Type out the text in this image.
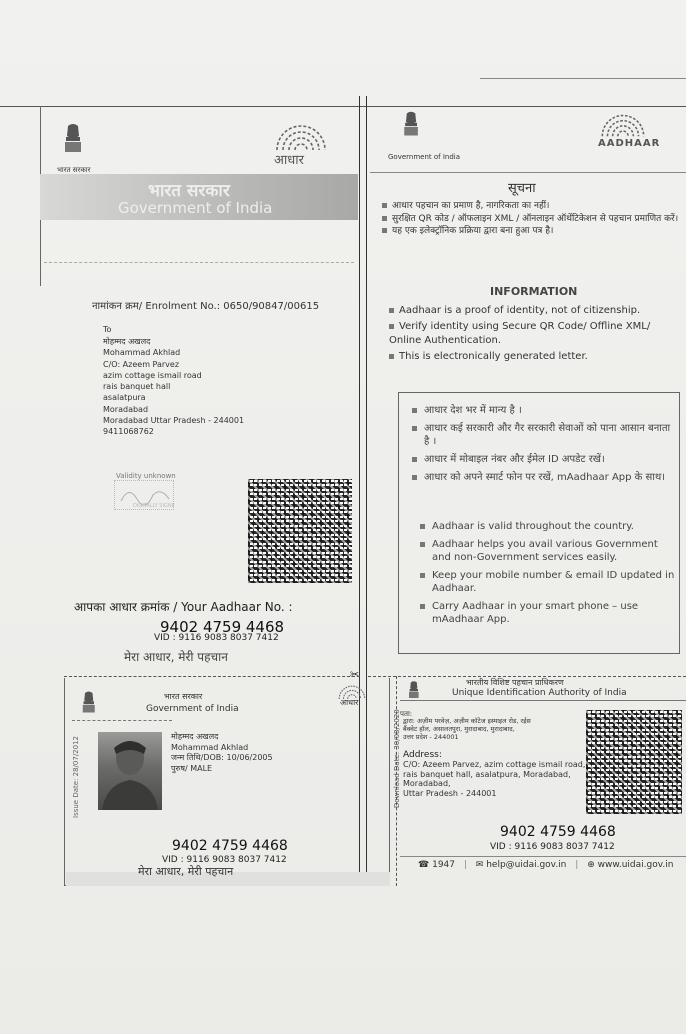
भारत सरकार
आधार
भारत सरकार
Government of India
नामांकन क्रम/ Enrolment No.: 0650/90847/00615
To
मोहम्मद अखलद
Mohammad Akhlad
C/O: Azeem Parvez
azim cottage ismail road
rais banquet hall
asalatpura
Moradabad
Moradabad Uttar Pradesh - 244001
9411068762
Validity unknown
DIGITALLY SIGNED
आपका आधार क्रमांक / Your Aadhaar No. :
9402 4759 4468
VID : 9116 9083 8037 7412
मेरा आधार, मेरी पहचान
✂
भारत सरकार
Government of India
आधार
Issue Date: 28/07/2012	मोहम्मद अखलद
Mohammad Akhlad
जन्म तिथि/DOB: 10/06/2005
पुरुष/ MALE
9402 4759 4468
VID : 9116 9083 8037 7412
मेरा आधार, मेरी पहचान
Government of India
AADHAAR
सूचना
आधार पहचान का प्रमाण है, नागरिकता का नहीं।
सुरक्षित QR कोड / ऑफलाइन XML / ऑनलाइन ऑथेंटिकेशन से पहचान प्रमाणित करें।
यह एक इलेक्ट्रॉनिक प्रक्रिया द्वारा बना हुआ पत्र है।
INFORMATION
Aadhaar is a proof of identity, not of citizenship.
Verify identity using Secure QR Code/ Offline XML/ Online Authentication.
This is electronically generated letter.
आधार देश भर में मान्य है ।
आधार कई सरकारी और गैर सरकारी सेवाओं को पाना आसान बनाता है ।
आधार में मोबाइल नंबर और ईमेल ID अपडेट रखें।
आधार को अपने स्मार्ट फोन पर रखें, mAadhaar App के साथ।
Aadhaar is valid throughout the country.
Aadhaar helps you avail various Government and non-Government services easily.
Keep your mobile number & email ID updated in Aadhaar.
Carry Aadhaar in your smart phone – use mAadhaar App.
भारतीय विशिष्ट पहचान प्राधिकरण
Unique Identification Authority of India
पता:
द्वारा: अज़ीम परवेज़, अज़ीम कॉटेज इस्माइल रोड, रईस
बैंक्वेट हॉल, असालतपुरा, मुरादाबाद, मुरादाबाद,
उत्तर प्रदेश - 244001
Address:
C/O: Azeem Parvez, azim cottage ismail road,
rais banquet hall, asalatpura, Moradabad,
Moradabad,
Uttar Pradesh - 244001
Download Date: 30/08/2020
9402 4759 4468
VID : 9116 9083 8037 7412
☎ 1947 | ✉ help@uidai.gov.in | ⊕ www.uidai.gov.in
